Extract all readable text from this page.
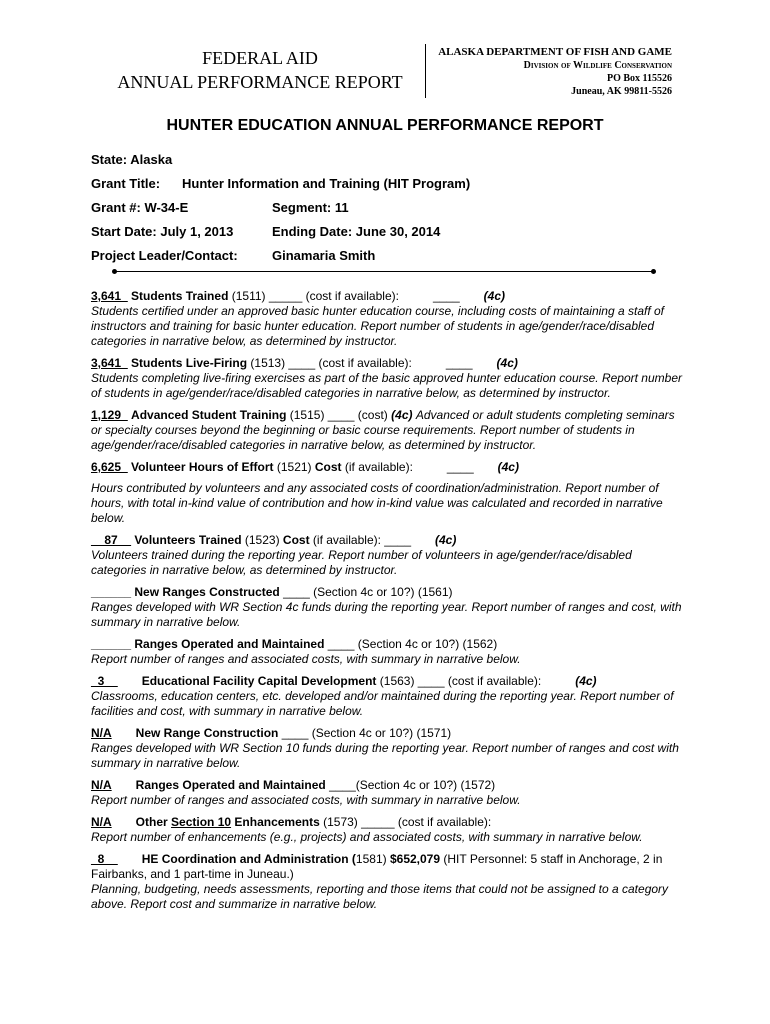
FEDERAL AID
ANNUAL PERFORMANCE REPORT
ALASKA DEPARTMENT OF FISH AND GAME
Division of Wildlife Conservation
PO Box 115526
Juneau, AK 99811-5526
HUNTER EDUCATION ANNUAL PERFORMANCE REPORT
State: Alaska
Grant Title: Hunter Information and Training (HIT Program)
Grant #: W-34-E	Segment: 11
Start Date: July 1, 2013	Ending Date: June 30, 2014
Project Leader/Contact:	Ginamaria Smith
3,641_ Students Trained (1511) _____ (cost if available):	____ (4c)
Students certified under an approved basic hunter education course, including costs of maintaining a staff of instructors and training for basic hunter education. Report number of students in age/gender/race/disabled categories in narrative below, as determined by instructor.
3,641_ Students Live-Firing (1513) ____ (cost if available):	____ (4c)
Students completing live-firing exercises as part of the basic approved hunter education course. Report number of students in age/gender/race/disabled categories in narrative below, as determined by instructor.
1,129_ Advanced Student Training (1515) ____ (cost) (4c) Advanced or adult students completing seminars or specialty courses beyond the beginning or basic course requirements. Report number of students in age/gender/race/disabled categories in narrative below, as determined by instructor.
6,625_ Volunteer Hours of Effort (1521) Cost (if available):	____ (4c)
Hours contributed by volunteers and any associated costs of coordination/administration. Report number of hours, with total in-kind value of contribution and how in-kind value was calculated and recorded in narrative below.
__87__ Volunteers Trained (1523) Cost (if available): ____ (4c)
Volunteers trained during the reporting year. Report number of volunteers in age/gender/race/disabled categories in narrative below, as determined by instructor.
______ New Ranges Constructed ____ (Section 4c or 10?) (1561)
Ranges developed with WR Section 4c funds during the reporting year. Report number of ranges and cost, with summary in narrative below.
______ Ranges Operated and Maintained ____ (Section 4c or 10?) (1562)
Report number of ranges and associated costs, with summary in narrative below.
_3__ Educational Facility Capital Development (1563) ____ (cost if available):	(4c)
Classrooms, education centers, etc. developed and/or maintained during the reporting year. Report number of facilities and cost, with summary in narrative below.
N/A New Range Construction ____ (Section 4c or 10?) (1571)
Ranges developed with WR Section 10 funds during the reporting year. Report number of ranges and cost with summary in narrative below.
N/A Ranges Operated and Maintained ____(Section 4c or 10?) (1572)
Report number of ranges and associated costs, with summary in narrative below.
N/A Other Section 10 Enhancements (1573) _____ (cost if available):
Report number of enhancements (e.g., projects) and associated costs, with summary in narrative below.
_8__ HE Coordination and Administration (1581) $652,079 (HIT Personnel: 5 staff in Anchorage, 2 in Fairbanks, and 1 part-time in Juneau.)
Planning, budgeting, needs assessments, reporting and those items that could not be assigned to a category above. Report cost and summarize in narrative below.
